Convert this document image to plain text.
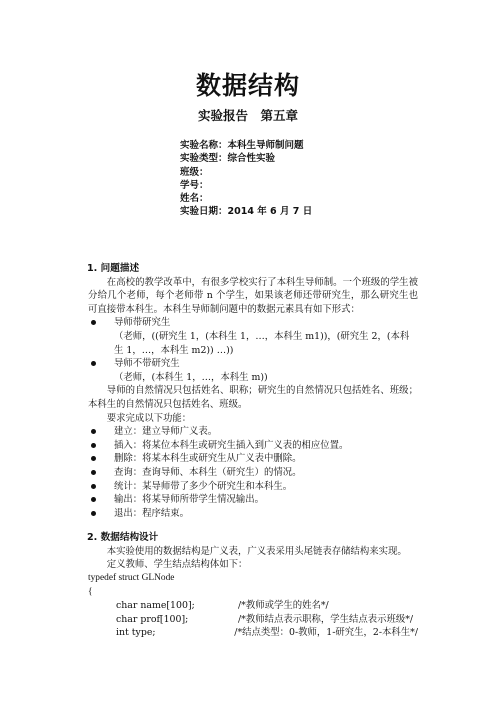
数据结构
实验报告　第五章
实验名称：本科生导师制问题
实验类型：综合性实验
班级：
学号：
姓名：
实验日期：2014 年 6 月 7 日
1. 问题描述
在高校的教学改革中，有很多学校实行了本科生导师制。一个班级的学生被分给几个老师，每个老师带 n 个学生，如果该老师还带研究生，那么研究生也可直接带本科生。本科生导师制问题中的数据元素具有如下形式：
导师带研究生
（老师，((研究生 1，(本科生 1，…，本科生 m1))，(研究生 2，(本科生 1，…，本科生 m2)) …))
导师不带研究生
（老师，(本科生 1，…，本科生 m))
导师的自然情况只包括姓名、职称；研究生的自然情况只包括姓名、班级；本科生的自然情况只包括姓名、班级。
要求完成以下功能：
建立：建立导师广义表。
插入：将某位本科生或研究生插入到广义表的相应位置。
删除：将某本科生或研究生从广义表中删除。
查询：查询导师、本科生（研究生）的情况。
统计：某导师带了多少个研究生和本科生。
输出：将某导师所带学生情况输出。
退出：程序结束。
2. 数据结构设计
本实验使用的数据结构是广义表，广义表采用头尾链表存储结构来实现。
定义教师、学生结点结构体如下：
typedef struct GLNode
{
char name[100];	/*教师或学生的姓名*/
char prof[100];	/*教师结点表示职称，学生结点表示班级*/
int type;	/*结点类型：0-教师，1-研究生，2-本科生*/
